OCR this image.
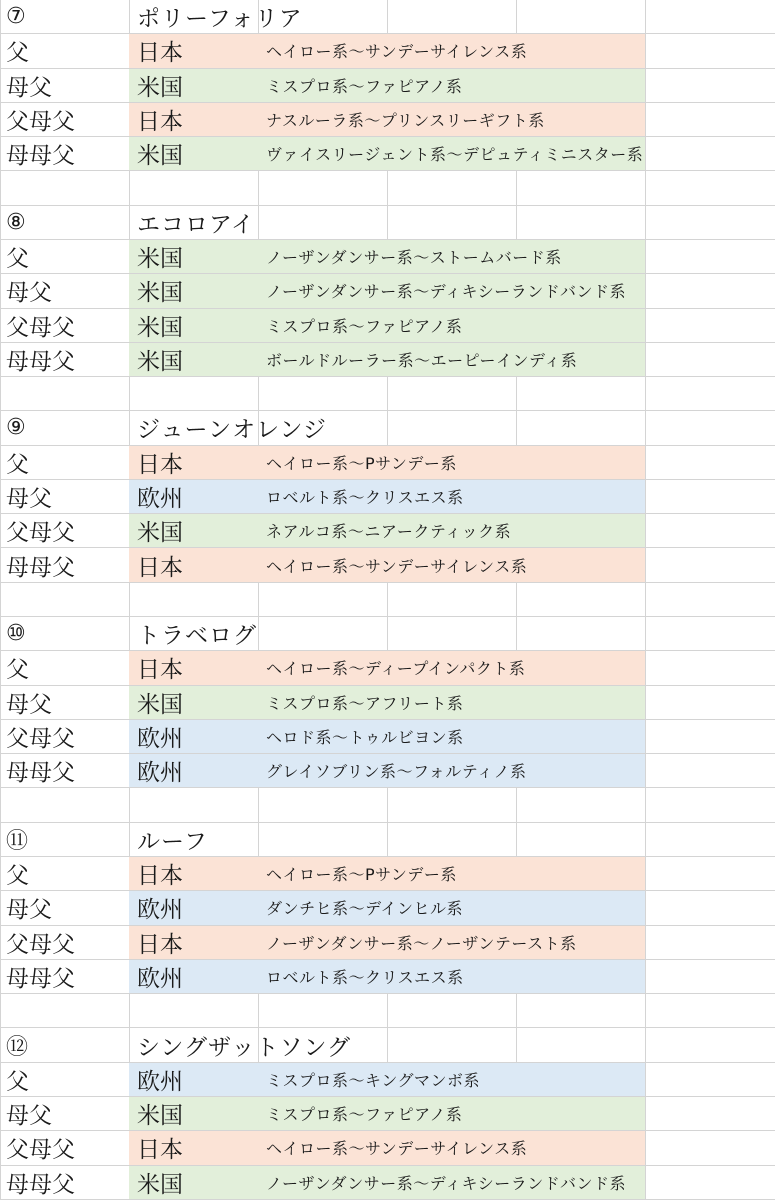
⑦	ポリーフォリア
父	日本	ヘイロー系〜サンデーサイレンス系
母父	米国	ミスプロ系〜ファピアノ系
父母父	日本	ナスルーラ系〜プリンスリーギフト系
母母父	米国	ヴァイスリージェント系〜デピュティミニスター系
⑧	エコロアイ
父	米国	ノーザンダンサー系〜ストームバード系
母父	米国	ノーザンダンサー系〜ディキシーランドバンド系
父母父	米国	ミスプロ系〜ファピアノ系
母母父	米国	ボールドルーラー系〜エーピーインディ系
⑨	ジューンオレンジ
父	日本	ヘイロー系〜Pサンデー系
母父	欧州	ロベルト系〜クリスエス系
父母父	米国	ネアルコ系〜ニアークティック系
母母父	日本	ヘイロー系〜サンデーサイレンス系
⑩	トラベログ
父	日本	ヘイロー系〜ディープインパクト系
母父	米国	ミスプロ系〜アフリート系
父母父	欧州	ヘロド系〜トゥルビヨン系
母母父	欧州	グレイソブリン系〜フォルティノ系
⑪	ルーフ
父	日本	ヘイロー系〜Pサンデー系
母父	欧州	ダンチヒ系〜デインヒル系
父母父	日本	ノーザンダンサー系〜ノーザンテースト系
母母父	欧州	ロベルト系〜クリスエス系
⑫	シングザットソング
父	欧州	ミスプロ系〜キングマンボ系
母父	米国	ミスプロ系〜ファピアノ系
父母父	日本	ヘイロー系〜サンデーサイレンス系
母母父	米国	ノーザンダンサー系〜ディキシーランドバンド系
